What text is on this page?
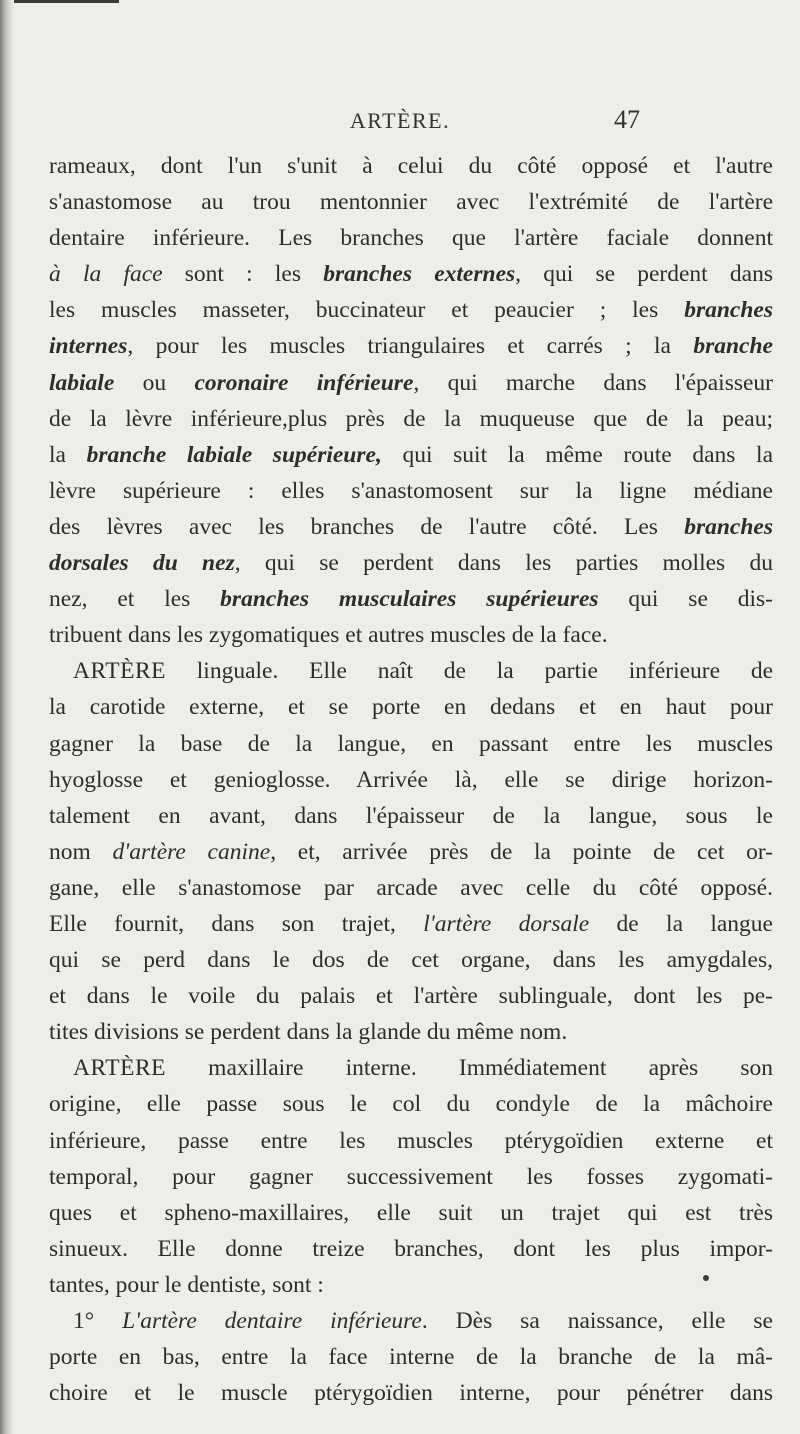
ARTÈRE.	47
rameaux, dont l'un s'unit à celui du côté opposé et l'autre
s'anastomose au trou mentonnier avec l'extrémité de l'artère
dentaire inférieure. Les branches que l'artère faciale donnent
à la face sont : les branches externes, qui se perdent dans
les muscles masseter, buccinateur et peaucier ; les branches
internes, pour les muscles triangulaires et carrés ; la branche
labiale ou coronaire inférieure, qui marche dans l'épaisseur
de la lèvre inférieure,plus près de la muqueuse que de la peau;
la branche labiale supérieure, qui suit la même route dans la
lèvre supérieure : elles s'anastomosent sur la ligne médiane
des lèvres avec les branches de l'autre côté. Les branches
dorsales du nez, qui se perdent dans les parties molles du
nez, et les branches musculaires supérieures qui se dis-
tribuent dans les zygomatiques et autres muscles de la face.
ARTÈRE linguale. Elle naît de la partie inférieure de
la carotide externe, et se porte en dedans et en haut pour
gagner la base de la langue, en passant entre les muscles
hyoglosse et genioglosse. Arrivée là, elle se dirige horizon-
talement en avant, dans l'épaisseur de la langue, sous le
nom d'artère canine, et, arrivée près de la pointe de cet or-
gane, elle s'anastomose par arcade avec celle du côté opposé.
Elle fournit, dans son trajet, l'artère dorsale de la langue
qui se perd dans le dos de cet organe, dans les amygdales,
et dans le voile du palais et l'artère sublinguale, dont les pe-
tites divisions se perdent dans la glande du même nom.
ARTÈRE maxillaire interne. Immédiatement après son
origine, elle passe sous le col du condyle de la mâchoire
inférieure, passe entre les muscles ptérygoïdien externe et
temporal, pour gagner successivement les fosses zygomati-
ques et spheno-maxillaires, elle suit un trajet qui est très
sinueux. Elle donne treize branches, dont les plus impor-
tantes, pour le dentiste, sont :
1° L'artère dentaire inférieure. Dès sa naissance, elle se
porte en bas, entre la face interne de la branche de la mâ-
choire et le muscle ptérygoïdien interne, pour pénétrer dans
